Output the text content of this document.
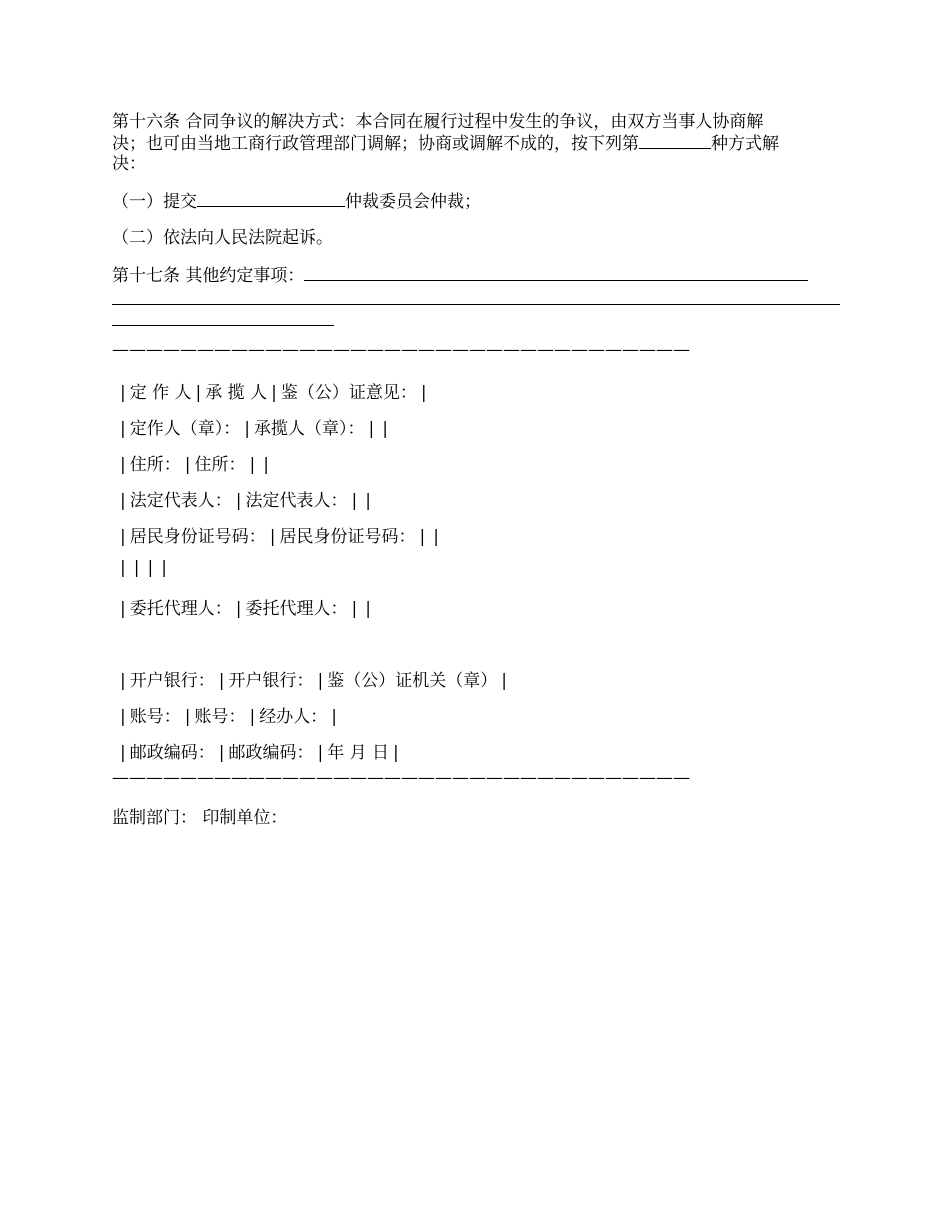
第十六条 合同争议的解决方式：本合同在履行过程中发生的争议，由双方当事人协商解
决；也可由当地工商行政管理部门调解；协商或调解不成的，按下列第	种方式解
决：
（一）提交	仲裁委员会仲裁；
（二）依法向人民法院起诉。
第十七条 其他约定事项：
——————————————————————————————————
| 定 作 人 | 承 揽 人 | 鉴（公）证意见： |
| 定作人（章）： | 承揽人（章）： | |
| 住所： | 住所： | |
| 法定代表人： | 法定代表人： | |
| 居民身份证号码： | 居民身份证号码： | |
| | | |
| 委托代理人： | 委托代理人： | |
| 开户银行： | 开户银行： | 鉴（公）证机关（章） |
| 账号： | 账号： | 经办人： |
| 邮政编码： | 邮政编码： | 年 月 日 |
——————————————————————————————————
监制部门： 印制单位：
